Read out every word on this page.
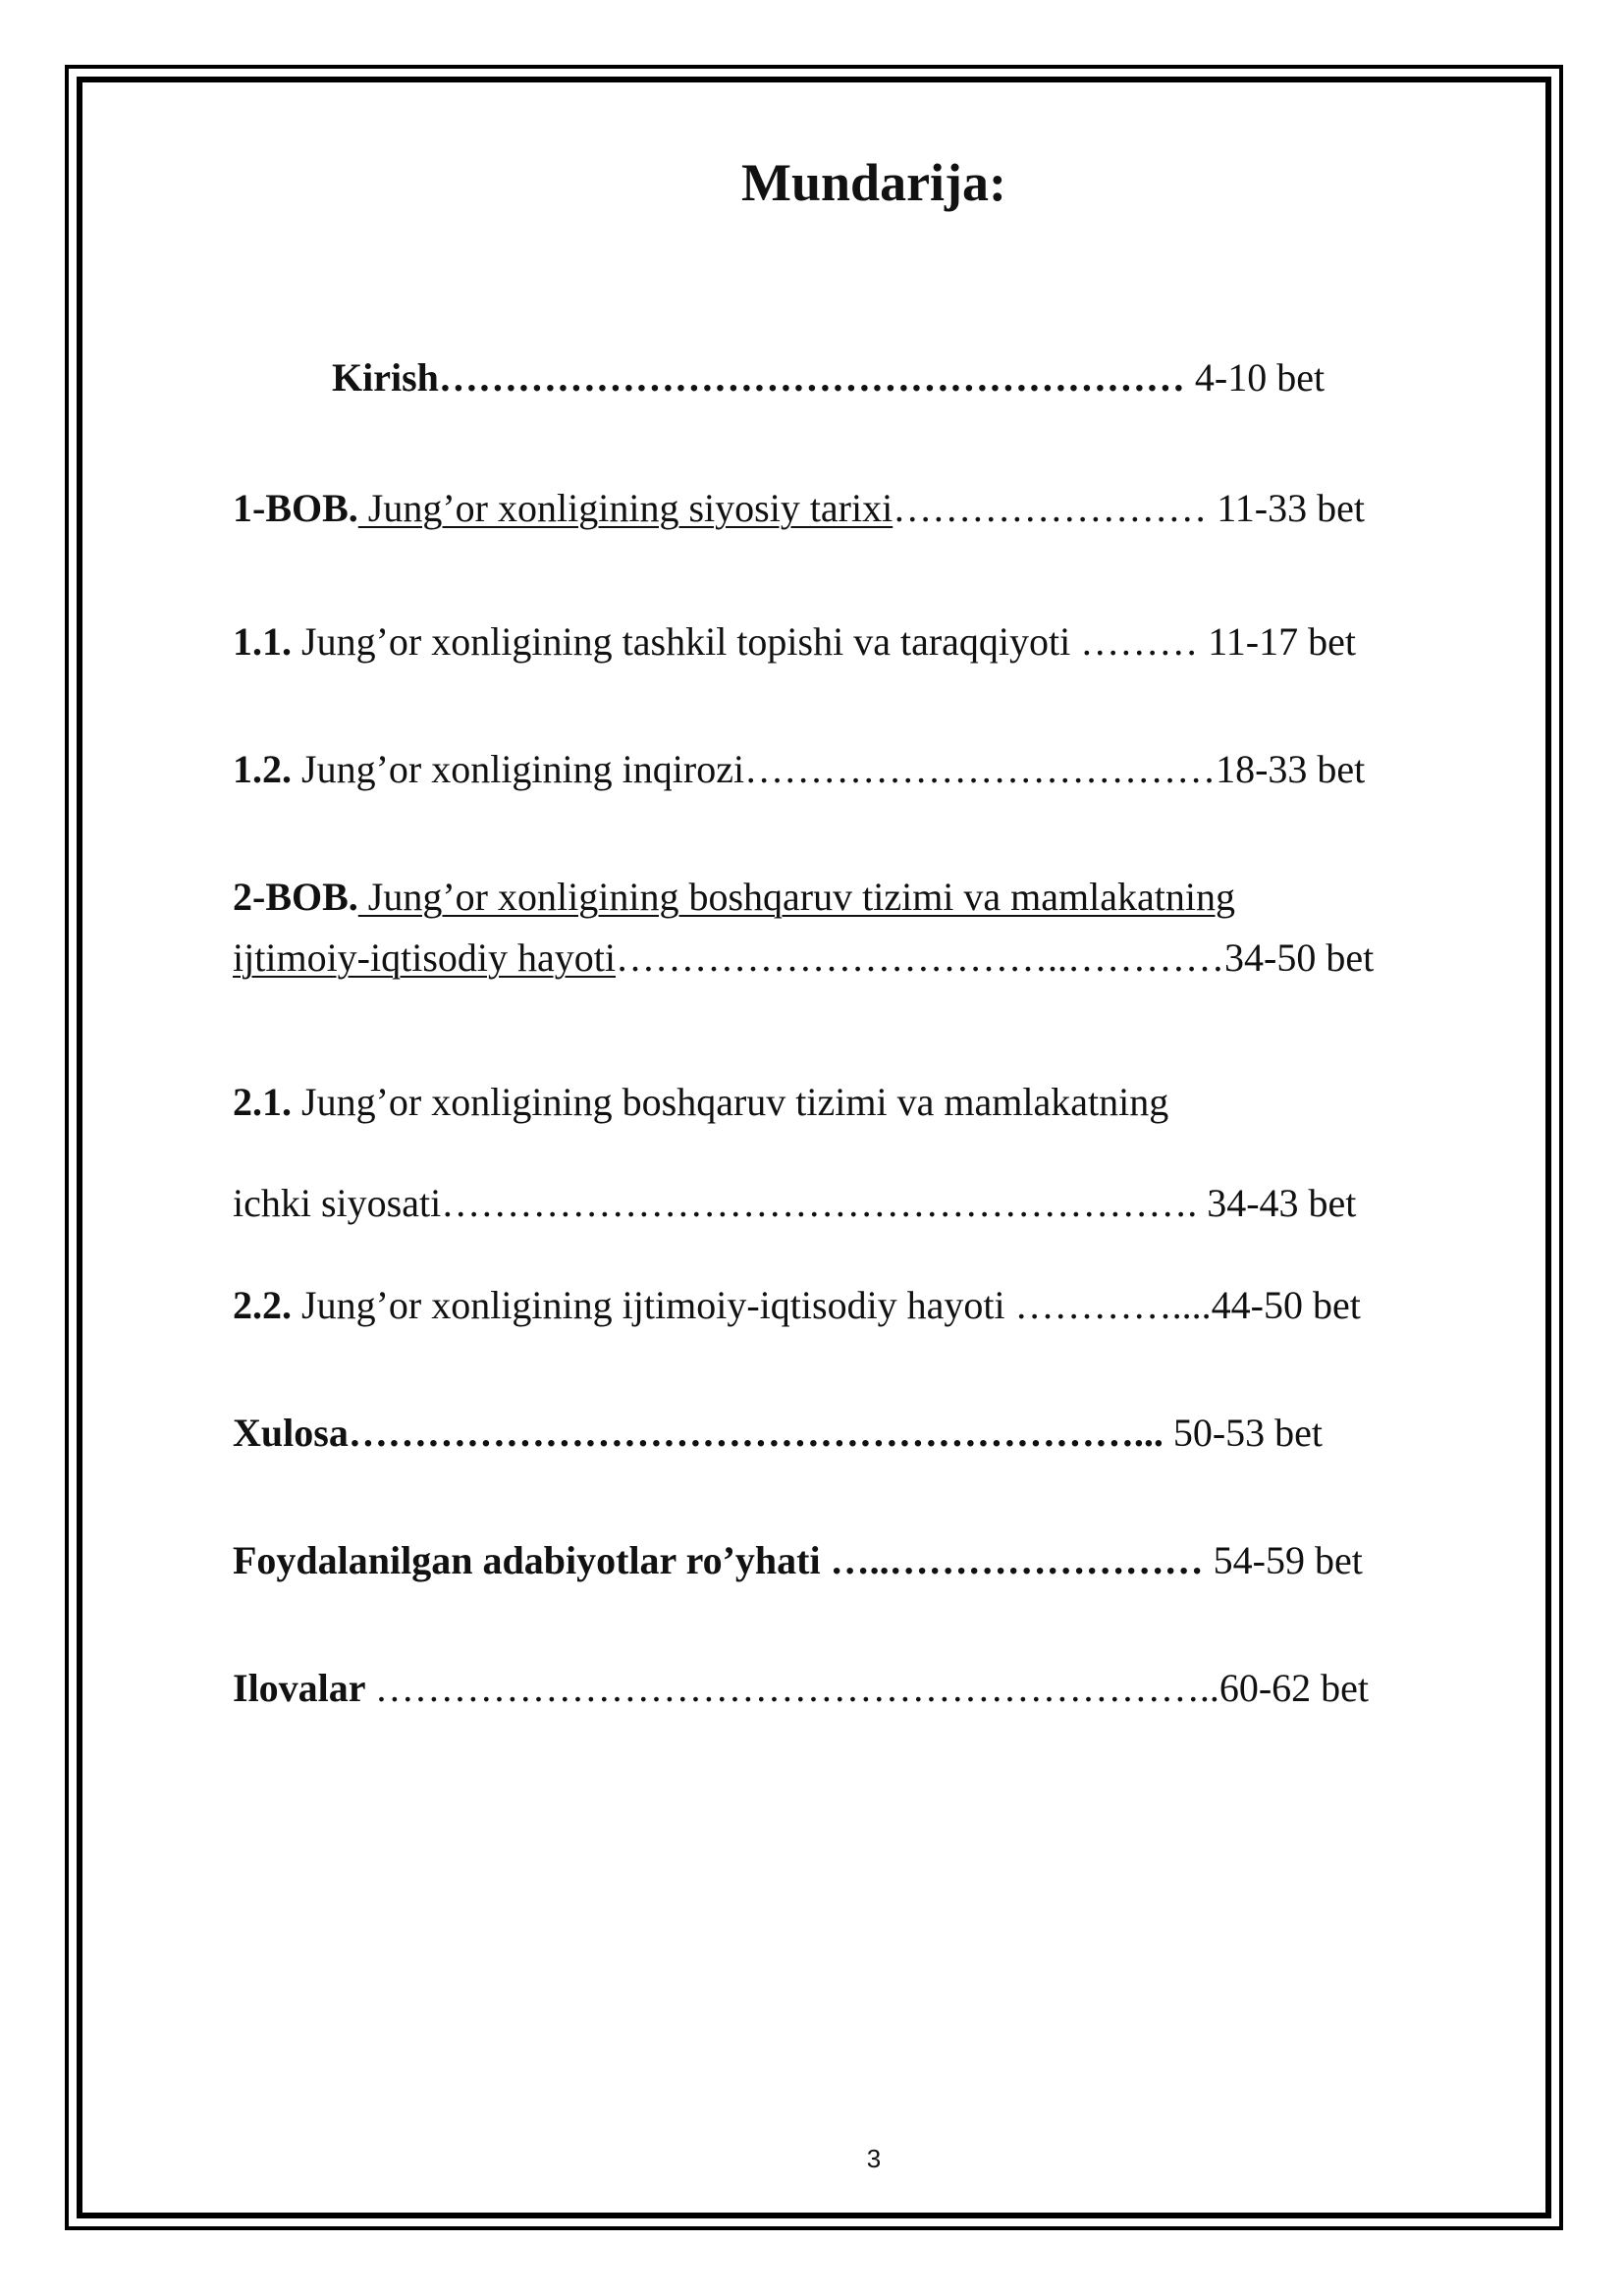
Mundarija:
Kirish………………………………………………… 4-10 bet
1-BOB. Jung’or xonligining siyosiy tarixi…………………… 11-33 bet
1.1. Jung’or xonligining tashkil topishi va taraqqiyoti ……… 11-17 bet
1.2. Jung’or xonligining inqirozi………………………………18-33 bet
2-BOB. Jung’or xonligining boshqaruv tizimi va mamlakatning
ijtimoiy-iqtisodiy hayoti……………………………..…………34-50 bet
2.1. Jung’or xonligining boshqaruv tizimi va mamlakatning
ichki siyosati…………………………………………………. 34-43 bet
2.2. Jung’or xonligining ijtimoiy-iqtisodiy hayoti …………....44-50 bet
Xulosa……………………………………………………... 50-53 bet
Foydalanilgan adabiyotlar ro’yhati …..…………………… 54-59 bet
Ilovalar ………………………………………………………..60-62 bet
3
